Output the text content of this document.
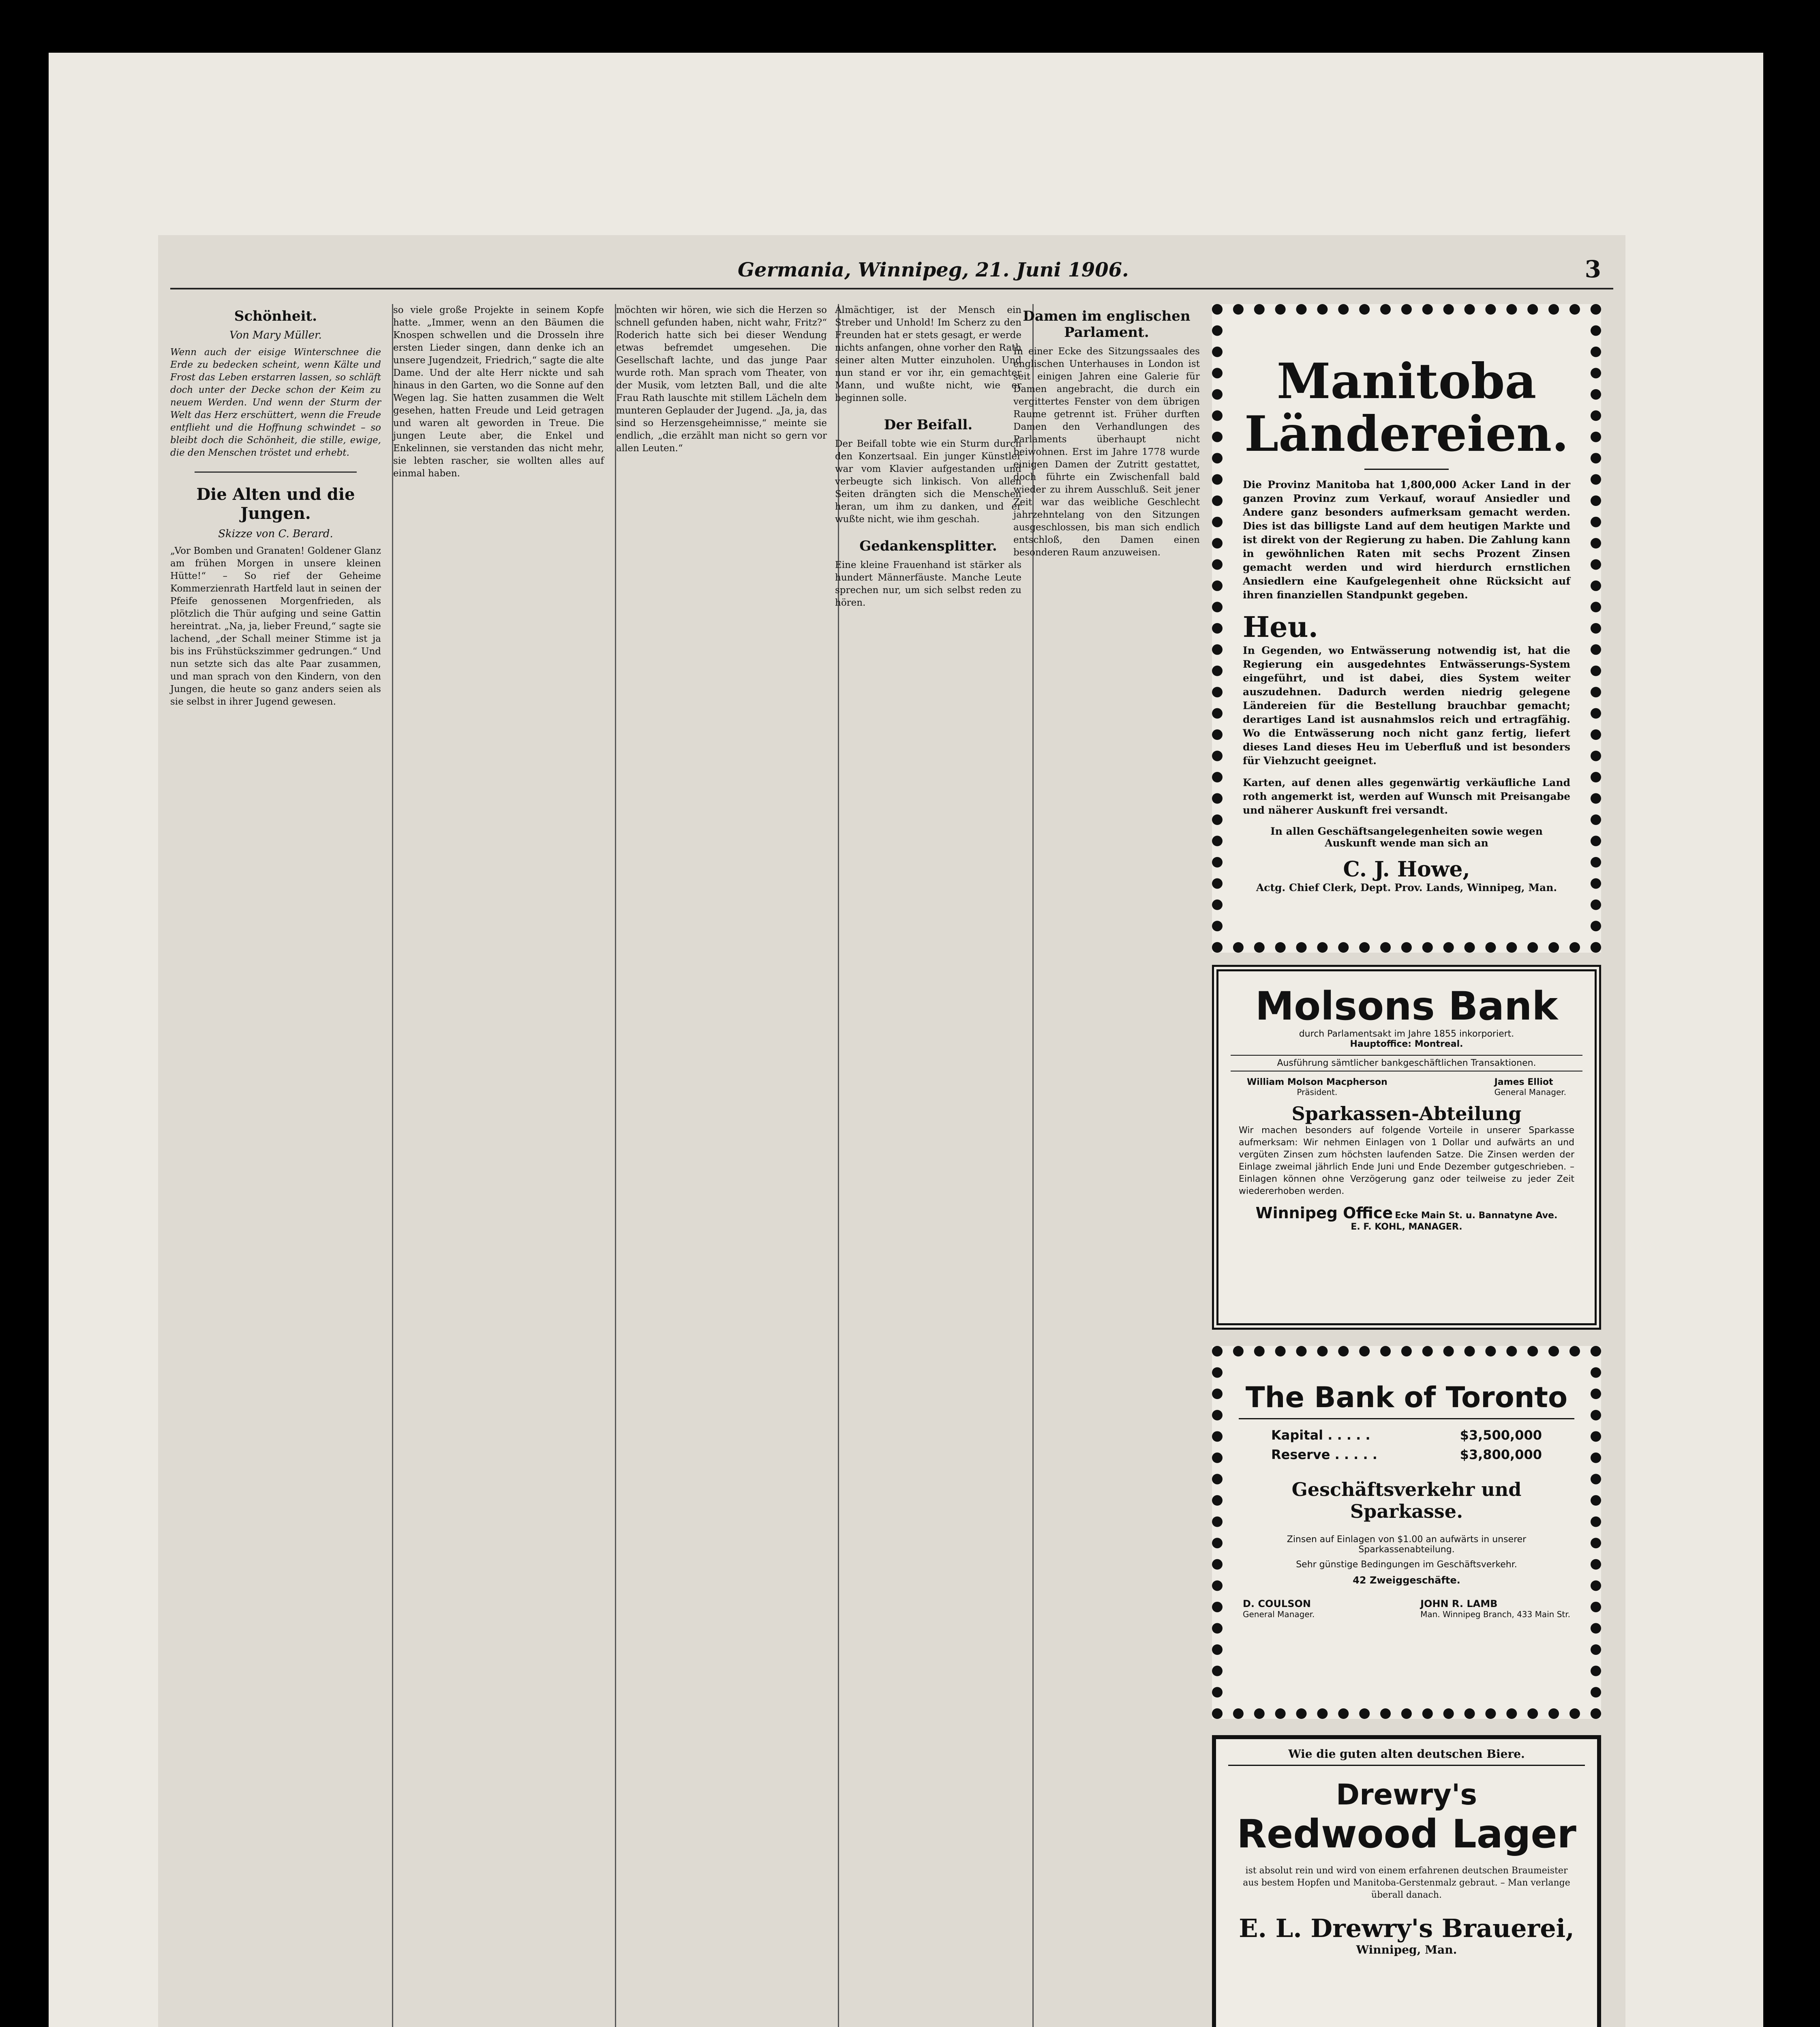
Germania, Winnipeg, 21. Juni 1906.	3
Schönheit.
Von Mary Müller.
Wenn auch der eisige Winterschnee die Erde zu bedecken scheint, wenn Kälte und Frost das Leben erstarren lassen, so schläft doch unter der Decke schon der Keim zu neuem Werden. Und wenn der Sturm der Welt das Herz erschüttert, wenn die Freude entflieht und die Hoffnung schwindet – so bleibt doch die Schönheit, die stille, ewige, die den Menschen tröstet und erhebt.
Die Alten und die Jungen.
Skizze von C. Berard.
„Vor Bomben und Granaten! Goldener Glanz am frühen Morgen in unsere kleinen Hütte!“ – So rief der Geheime Kommerzienrath Hartfeld laut in seinen der Pfeife genossenen Morgenfrieden, als plötzlich die Thür aufging und seine Gattin hereintrat. „Na, ja, lieber Freund,“ sagte sie lachend, „der Schall meiner Stimme ist ja bis ins Frühstückszimmer gedrungen.“ Und nun setzte sich das alte Paar zusammen, und man sprach von den Kindern, von den Jungen, die heute so ganz anders seien als sie selbst in ihrer Jugend gewesen.
so viele große Projekte in seinem Kopfe hatte. „Immer, wenn an den Bäumen die Knospen schwellen und die Drosseln ihre ersten Lieder singen, dann denke ich an unsere Jugendzeit, Friedrich,“ sagte die alte Dame. Und der alte Herr nickte und sah hinaus in den Garten, wo die Sonne auf den Wegen lag. Sie hatten zusammen die Welt gesehen, hatten Freude und Leid getragen und waren alt geworden in Treue. Die jungen Leute aber, die Enkel und Enkelinnen, sie verstanden das nicht mehr, sie lebten rascher, sie wollten alles auf einmal haben.
möchten wir hören, wie sich die Herzen so schnell gefunden haben, nicht wahr, Fritz?“ Roderich hatte sich bei dieser Wendung etwas befremdet umgesehen. Die Gesellschaft lachte, und das junge Paar wurde roth. Man sprach vom Theater, von der Musik, vom letzten Ball, und die alte Frau Rath lauschte mit stillem Lächeln dem munteren Geplauder der Jugend. „Ja, ja, das sind so Herzensgeheimnisse,“ meinte sie endlich, „die erzählt man nicht so gern vor allen Leuten.“
Almächtiger, ist der Mensch ein Streber und Unhold! Im Scherz zu den Freunden hat er stets gesagt, er werde nichts anfangen, ohne vorher den Rath seiner alten Mutter einzuholen. Und nun stand er vor ihr, ein gemachter Mann, und wußte nicht, wie er beginnen solle.
Der Beifall.
Der Beifall tobte wie ein Sturm durch den Konzertsaal. Ein junger Künstler war vom Klavier aufgestanden und verbeugte sich linkisch. Von allen Seiten drängten sich die Menschen heran, um ihm zu danken, und er wußte nicht, wie ihm geschah.
Gedankensplitter.
Eine kleine Frauenhand ist stärker als hundert Männerfäuste. Manche Leute sprechen nur, um sich selbst reden zu hören.
Damen im englischen Parlament.
In einer Ecke des Sitzungssaales des englischen Unterhauses in London ist seit einigen Jahren eine Galerie für Damen angebracht, die durch ein vergittertes Fenster von dem übrigen Raume getrennt ist. Früher durften Damen den Verhandlungen des Parlaments überhaupt nicht beiwohnen. Erst im Jahre 1778 wurde einigen Damen der Zutritt gestattet, doch führte ein Zwischenfall bald wieder zu ihrem Ausschluß. Seit jener Zeit war das weibliche Geschlecht jahrzehntelang von den Sitzungen ausgeschlossen, bis man sich endlich entschloß, den Damen einen besonderen Raum anzuweisen.
Manitoba
Ländereien.
Die Provinz Manitoba hat 1,800,000 Acker Land in der ganzen Provinz zum Verkauf, worauf Ansiedler und Andere ganz besonders aufmerksam gemacht werden. Dies ist das billigste Land auf dem heutigen Markte und ist direkt von der Regierung zu haben. Die Zahlung kann in gewöhnlichen Raten mit sechs Prozent Zinsen gemacht werden und wird hierdurch ernstlichen Ansiedlern eine Kaufgelegenheit ohne Rücksicht auf ihren finanziellen Standpunkt gegeben.
Heu.
In Gegenden, wo Entwässerung notwendig ist, hat die Regierung ein ausgedehntes Entwässerungs-System eingeführt, und ist dabei, dies System weiter auszudehnen. Dadurch werden niedrig gelegene Ländereien für die Bestellung brauchbar gemacht; derartiges Land ist ausnahmslos reich und ertragfähig. Wo die Entwässerung noch nicht ganz fertig, liefert dieses Land dieses Heu im Ueberfluß und ist besonders für Viehzucht geeignet.
Karten, auf denen alles gegenwärtig verkäufliche Land roth angemerkt ist, werden auf Wunsch mit Preisangabe und näherer Auskunft frei versandt.
In allen Geschäftsangelegenheiten sowie wegen Auskunft wende man sich an
C. J. Howe,
Actg. Chief Clerk, Dept. Prov. Lands, Winnipeg, Man.
Molsons Bank
durch Parlamentsakt im Jahre 1855 inkorporiert.
Hauptoffice: Montreal.
Ausführung sämtlicher bankgeschäftlichen Transaktionen.
William Molson Macpherson
Präsident.
James Elliot
General Manager.
Sparkassen-Abteilung
Wir machen besonders auf folgende Vorteile in unserer Sparkasse aufmerksam: Wir nehmen Einlagen von 1 Dollar und aufwärts an und vergüten Zinsen zum höchsten laufenden Satze. Die Zinsen werden der Einlage zweimal jährlich Ende Juni und Ende Dezember gutgeschrieben. – Einlagen können ohne Verzögerung ganz oder teilweise zu jeder Zeit wiedererhoben werden.
Winnipeg Office Ecke Main St. u. Bannatyne Ave.
E. F. KOHL, MANAGER.
The Bank of Toronto
Kapital . . . . .	$3,500,000
Reserve . . . . .	$3,800,000
Geschäftsverkehr und Sparkasse.
Zinsen auf Einlagen von $1.00 an aufwärts in unserer Sparkassenabteilung.
Sehr günstige Bedingungen im Geschäftsverkehr.
42 Zweiggeschäfte.
D. COULSON
General Manager.
JOHN R. LAMB
Man. Winnipeg Branch, 433 Main Str.
Wie die guten alten deutschen Biere.
Drewry's
Redwood Lager
ist absolut rein und wird von einem erfahrenen deutschen Braumeister aus bestem Hopfen und Manitoba-Gerstenmalz gebraut. – Man verlange überall danach.
E. L. Drewry's Brauerei,
Winnipeg, Man.
